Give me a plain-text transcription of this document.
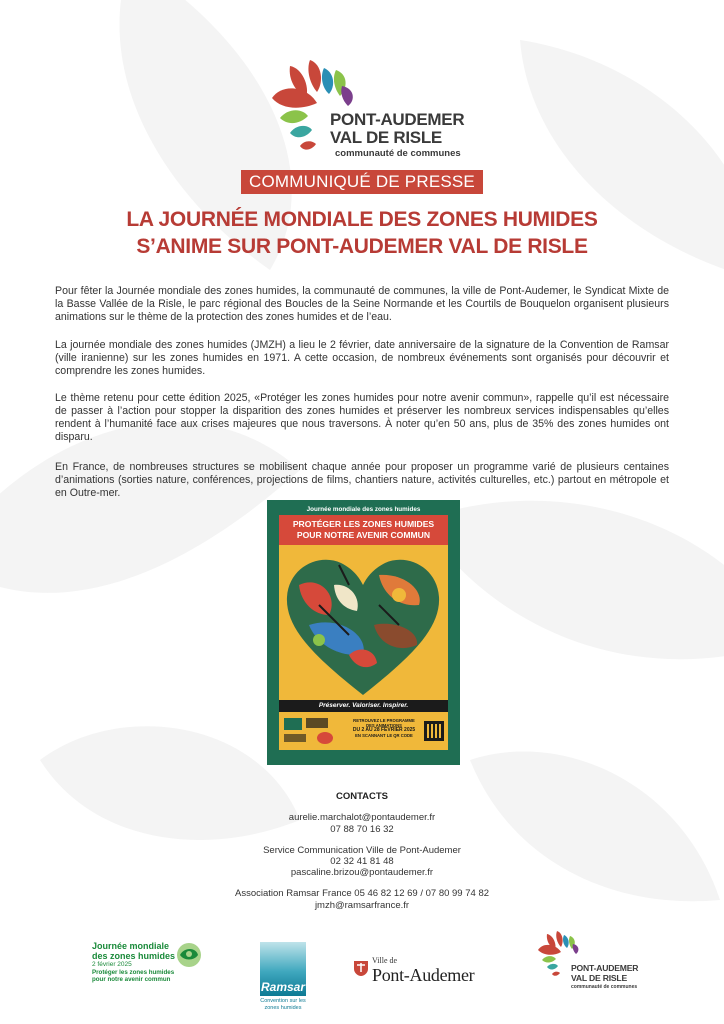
PONT-AUDEMER
VAL DE RISLE
communauté de communes
COMMUNIQUÉ DE PRESSE
LA JOURNÉE MONDIALE DES ZONES HUMIDES
S’ANIME SUR PONT-AUDEMER VAL DE RISLE

Pour fêter la Journée mondiale des zones humides, la communauté de communes, la ville de Pont-Audemer, le Syndicat Mixte de la Basse Vallée de la Risle, le parc régional des Boucles de la Seine Normande et les Courtils de Bouquelon organisent plusieurs animations sur le thème de la protection des zones humides et de l’eau.

La journée mondiale des zones humides (JMZH) a lieu le 2 février, date anniversaire de la signature de la Convention de Ramsar (ville iranienne) sur les zones humides en 1971. A cette occasion, de nombreux événements sont organisés pour découvrir et comprendre les zones humides.

Le thème retenu pour cette édition 2025, «Protéger les zones humides pour notre avenir commun», rappelle qu’il est nécessaire de passer à l’action pour stopper la disparition des zones humides et préserver les nombreux services indispensables qu’elles rendent à l’humanité face aux crises majeures que nous traversons. À noter qu’en 50 ans, plus de 35% des zones humides ont disparu.

En France, de nombreuses structures se mobilisent chaque année pour proposer un programme varié de plusieurs centaines d’animations (sorties nature, conférences, projections de films, chantiers nature, activités culturelles, etc.) partout en métropole et en Outre-mer.

Journée mondiale des zones humides
PROTÉGER LES ZONES HUMIDES
POUR NOTRE AVENIR COMMUN
Préserver. Valoriser. Inspirer.
RETROUVEZ LE PROGRAMME
DES ANIMATIONS
DU 2 AU 28 FÉVRIER 2025
EN SCANNANT LE QR CODE
CONTACTS
aurelie.marchalot@pontaudemer.fr
07 88 70 16 32
Service Communication Ville de Pont-Audemer
02 32 41 81 48
pascaline.brizou@pontaudemer.fr
Association Ramsar France 05 46 82 12 69 / 07 80 99 74 82
jmzh@ramsarfrance.fr
Journée mondiale
des zones humides
2 février 2025
Protéger les zones humides
pour notre avenir commun
Ramsar
Convention sur les
zones humides
Ville de
Pont-Audemer	PONT-AUDEMER
VAL DE RISLE
communauté de communes
